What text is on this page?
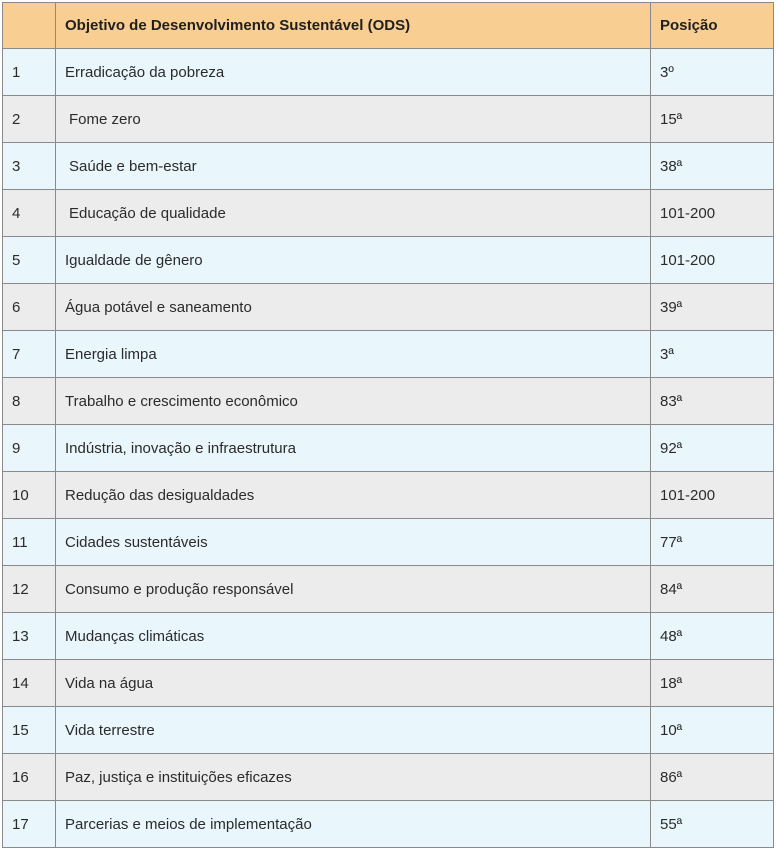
	Objetivo de Desenvolvimento Sustentável (ODS)	Posição
1	Erradicação da pobreza	3º
2	Fome zero	15ª
3	Saúde e bem-estar	38ª
4	Educação de qualidade	101-200
5	Igualdade de gênero	101-200
6	Água potável e saneamento	39ª
7	Energia limpa	3ª
8	Trabalho e crescimento econômico	83ª
9	Indústria, inovação e infraestrutura	92ª
10	Redução das desigualdades	101-200
11	Cidades sustentáveis	77ª
12	Consumo e produção responsável	84ª
13	Mudanças climáticas	48ª
14	Vida na água	18ª
15	Vida terrestre	10ª
16	Paz, justiça e instituições eficazes	86ª
17	Parcerias e meios de implementação	55ª
